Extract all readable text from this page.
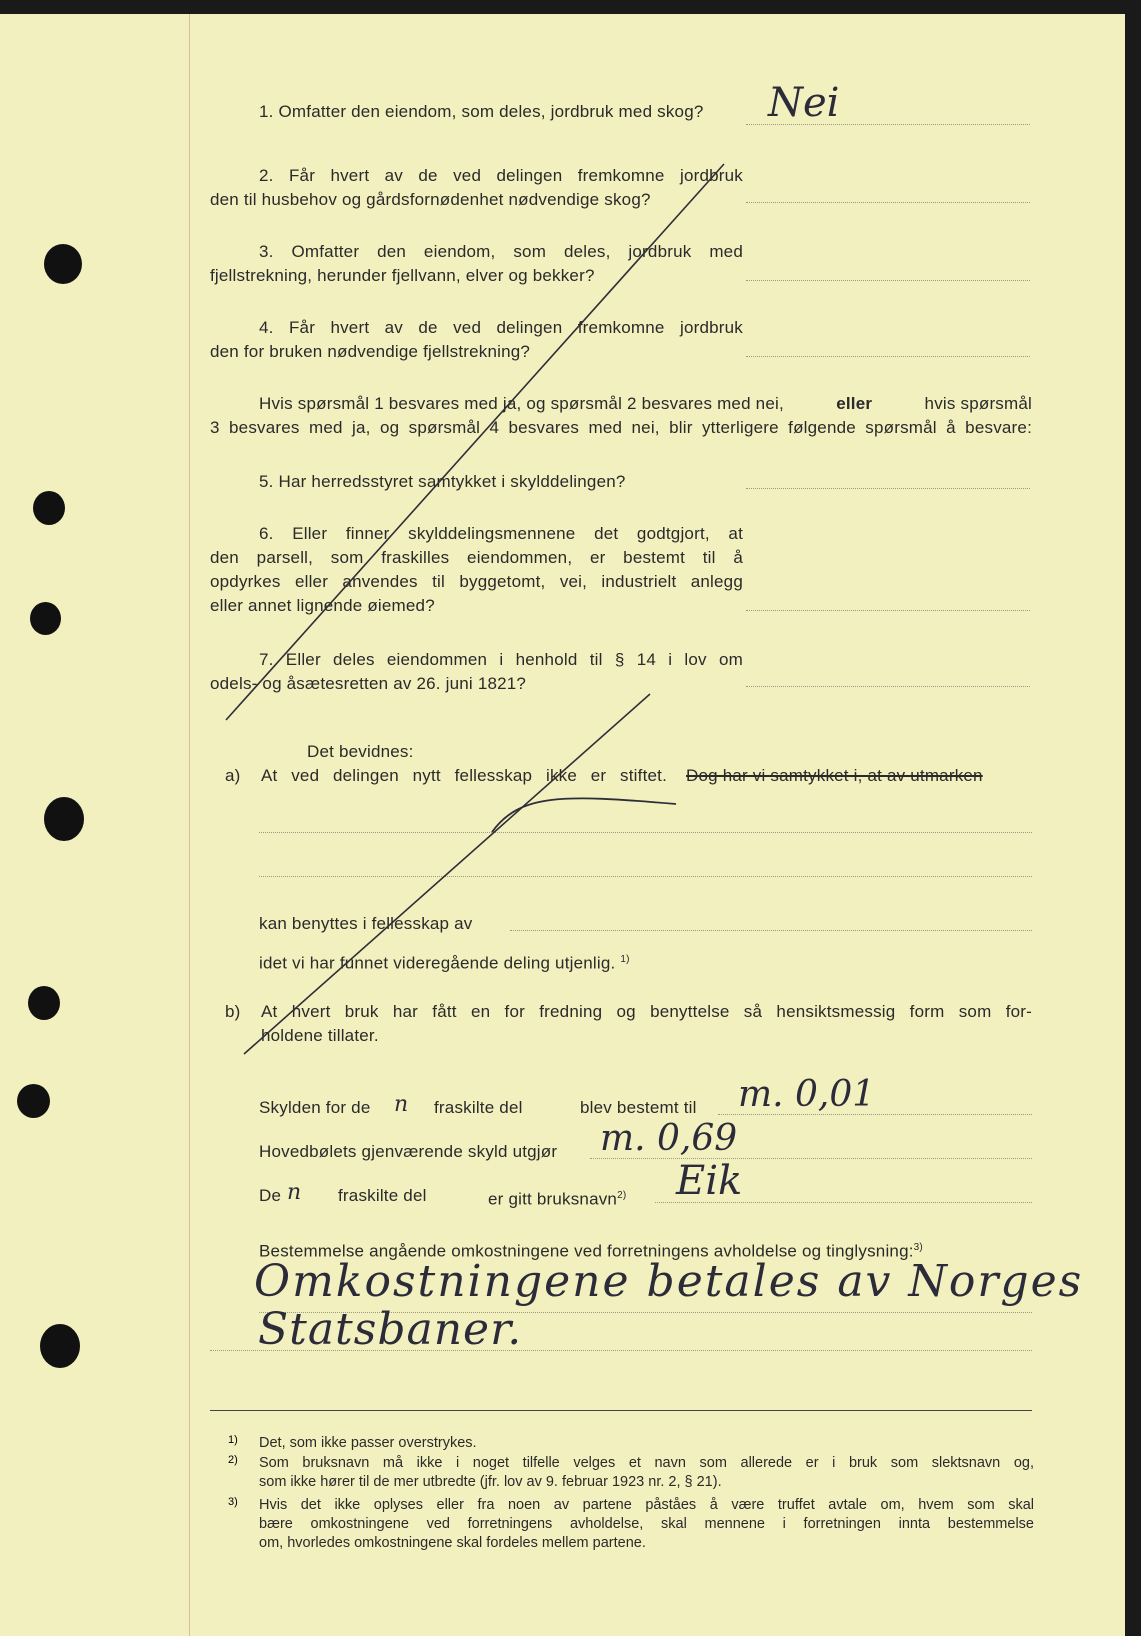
1. Omfatter den eiendom, som deles, jordbruk med skog? Nei
2. Får hvert av de ved delingen fremkomne jordbruk
den til husbehov og gårdsfornødenhet nødvendige skog?
3. Omfatter den eiendom, som deles, jordbruk med
fjellstrekning, herunder fjellvann, elver og bekker?
4. Får hvert av de ved delingen fremkomne jordbruk
den for bruken nødvendige fjellstrekning?
Hvis spørsmål 1 besvares med ja, og spørsmål 2 besvares med nei,	eller	hvis spørsmål
3 besvares med ja, og spørsmål 4 besvares med nei, blir ytterligere følgende spørsmål å besvare:
5. Har herredsstyret samtykket i skylddelingen?
6. Eller finner skylddelingsmennene det godtgjort, at
den parsell, som fraskilles eiendommen, er bestemt til å
opdyrkes eller anvendes til byggetomt, vei, industrielt anlegg
eller annet lignende øiemed?
7. Eller deles eiendommen i henhold til § 14 i lov om
odels- og åsætesretten av 26. juni 1821?
Det bevidnes:
a) At ved delingen nytt fellesskap ikke er stiftet. Dog har vi samtykket i, at av utmarken
kan benyttes i fellesskap av
idet vi har funnet videregående deling utjenlig. $^{1)}$
b) At hvert bruk har fått en for fredning og benyttelse så hensiktsmessig form som for-
holdene tillater.
Skylden for de n fraskilte del	blev bestemt til m. 0,01
Hovedbølets gjenværende skyld utgjør m. 0,69
De n fraskilte del	er gitt bruksnavn$^{2)}$ Eik
Bestemmelse angående omkostningene ved forretningens avholdelse og tinglysning:$^{3)}$
Omkostningene betales av Norges
Statsbaner.
1) Det, som ikke passer overstrykes.
2) Som bruksnavn må ikke i noget tilfelle velges et navn som allerede er i bruk som slektsnavn og,
som ikke hører til de mer utbredte (jfr. lov av 9. februar 1923 nr. 2, § 21).
3) Hvis det ikke oplyses eller fra noen av partene påståes å være truffet avtale om, hvem som skal
bære omkostningene ved forretningens avholdelse, skal mennene i forretningen innta bestemmelse
om, hvorledes omkostningene skal fordeles mellem partene.
